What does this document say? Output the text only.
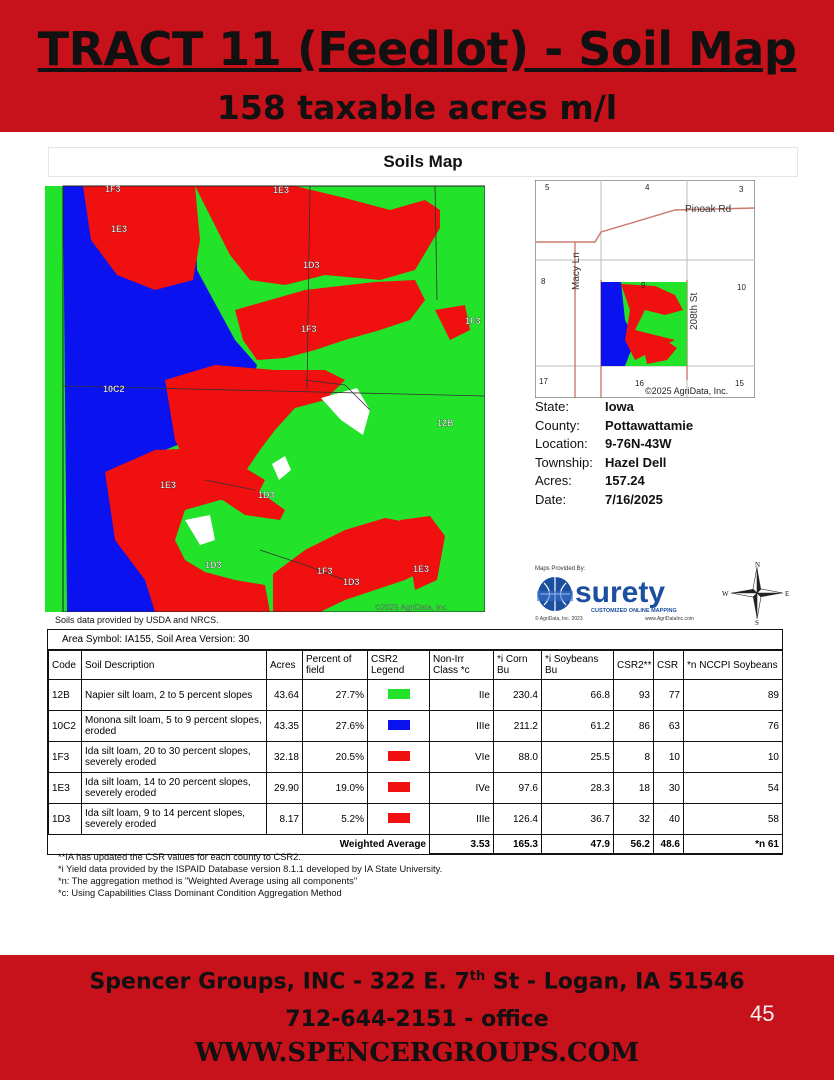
TRACT 11 (Feedlot) - Soil Map
158 taxable acres m/l
Soils Map
1F3	1E3
1E3
1D3
1F3
1F3
10C2
12B
1E3
1D3
1D3
1F3
1D3
1E3
©2025 AgriData, Inc.
5	4	3
8	9	10
17	16	15
Pinoak Rd
Macy Ln
208th St
©2025 AgriData, Inc.
State:	Iowa
County: Pottawattamie
Location: 9-76N-43W
Township: Hazel Dell
Acres:	157.24
Date:	7/16/2025
Maps Provided By:
surety
CUSTOMIZED ONLINE MAPPING
© AgriData, Inc. 2023	www.AgriDataInc.com
N
S
E
W
Soils data provided by USDA and NRCS.
Area Symbol: IA155, Soil Area Version: 30
Code	Soil Description	Acres	Percent of field	CSR2 Legend	Non-Irr Class *c	*i Corn Bu	*i Soybeans Bu	CSR2**	CSR	*n NCCPI Soybeans
12B	Napier silt loam, 2 to 5 percent slopes	43.64	27.7%		IIe	230.4	66.8	93	77	89
10C2	Monona silt loam, 5 to 9 percent slopes, eroded	43.35	27.6%		IIIe	211.2	61.2	86	63	76
1F3	Ida silt loam, 20 to 30 percent slopes, severely eroded	32.18	20.5%		VIe	88.0	25.5	8	10	10
1E3	Ida silt loam, 14 to 20 percent slopes, severely eroded	29.90	19.0%		IVe	97.6	28.3	18	30	54
1D3	Ida silt loam, 9 to 14 percent slopes, severely eroded	8.17	5.2%		IIIe	126.4	36.7	32	40	58
Weighted Average					3.53	165.3	47.9	56.2	48.6	*n 61
**IA has updated the CSR values for each county to CSR2.
*i Yield data provided by the ISPAID Database version 8.1.1 developed by IA State University.
*n: The aggregation method is "Weighted Average using all components"
*c: Using Capabilities Class Dominant Condition Aggregation Method
Spencer Groups, INC - 322 E. 7th St - Logan, IA 51546
712-644-2151 - office
WWW.SPENCERGROUPS.COM
45
